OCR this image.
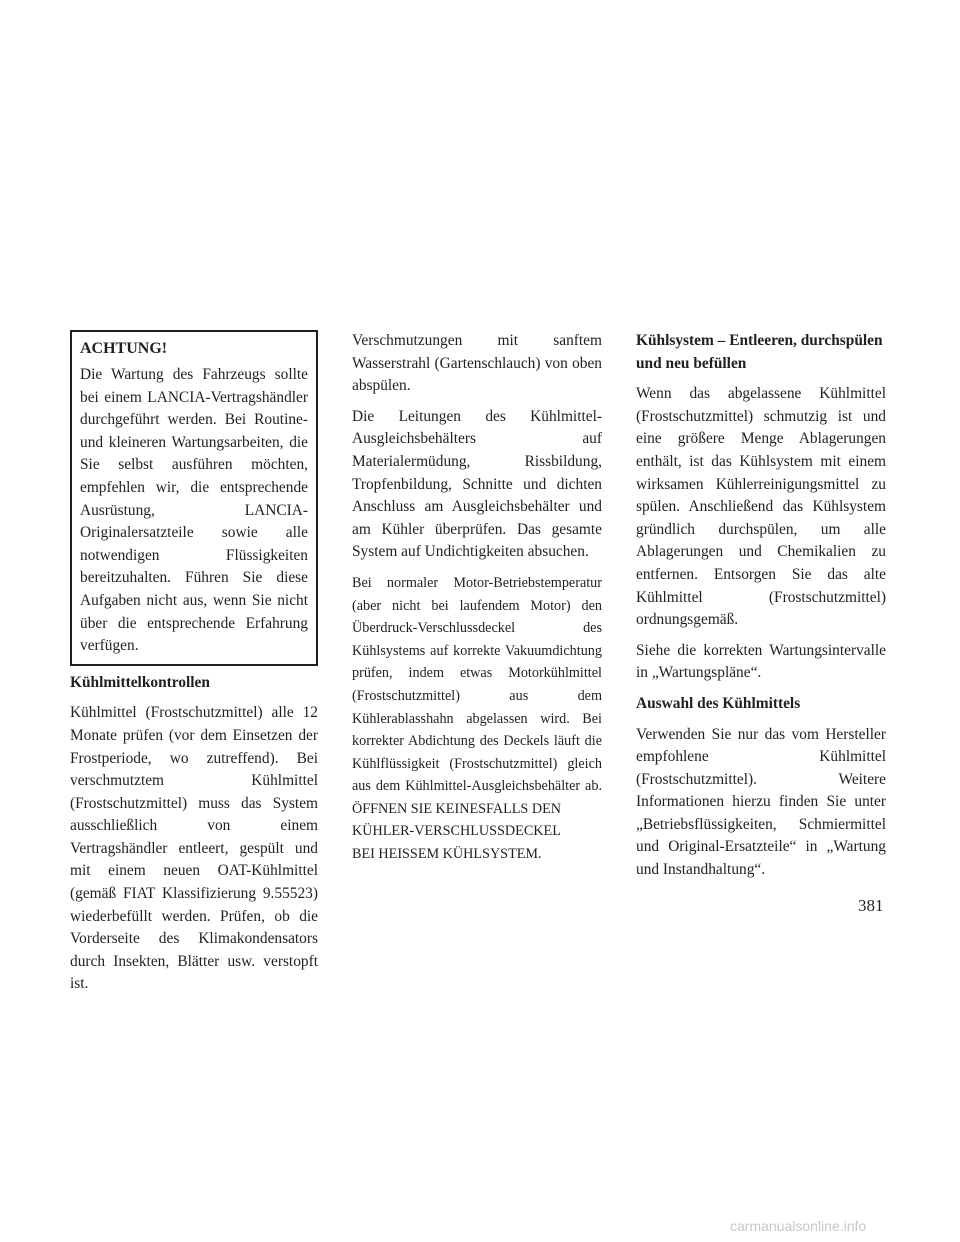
ACHTUNG!

Die Wartung des Fahrzeugs sollte bei einem LANCIA-Vertragshändler durchgeführt werden. Bei Routine- und kleineren Wartungsarbeiten, die Sie selbst ausführen möchten, empfehlen wir, die entsprechende Ausrüstung, LANCIA-Originalersatzteile sowie alle notwendigen Flüssigkeiten bereitzuhalten. Führen Sie diese Aufgaben nicht aus, wenn Sie nicht über die entsprechende Erfahrung verfügen.

Kühlmittelkontrollen

Kühlmittel (Frostschutzmittel) alle 12 Monate prüfen (vor dem Einsetzen der Frostperiode, wo zutreffend). Bei verschmutztem Kühlmittel (Frostschutzmittel) muss das System ausschließlich von einem Vertragshändler entleert, gespült und mit einem neuen OAT-Kühlmittel (gemäß FIAT Klassifizierung 9.55523) wiederbefüllt werden. Prüfen, ob die Vorderseite des Klimakondensators durch Insekten, Blätter usw. verstopft ist.

Verschmutzungen mit sanftem Wasserstrahl (Gartenschlauch) von oben abspülen.

Die Leitungen des Kühlmittel-Ausgleichsbehälters auf Materialermüdung, Rissbildung, Tropfenbildung, Schnitte und dichten Anschluss am Ausgleichsbehälter und am Kühler überprüfen. Das gesamte System auf Undichtigkeiten absuchen.

Bei normaler Motor-Betriebstemperatur (aber nicht bei laufendem Motor) den Überdruck-Verschlussdeckel des Kühlsystems auf korrekte Vakuumdichtung prüfen, indem etwas Motorkühlmittel (Frostschutzmittel) aus dem Kühlerablasshahn abgelassen wird. Bei korrekter Abdichtung des Deckels läuft die Kühlflüssigkeit (Frostschutzmittel) gleich aus dem Kühlmittel-Ausgleichsbehälter ab. ÖFFNEN SIE KEINESFALLS DEN
KÜHLER-VERSCHLUSSDECKEL
BEI HEISSEM KÜHLSYSTEM.

Kühlsystem – Entleeren, durchspülen und neu befüllen

Wenn das abgelassene Kühlmittel (Frostschutzmittel) schmutzig ist und eine größere Menge Ablagerungen enthält, ist das Kühlsystem mit einem wirksamen Kühlerreinigungsmittel zu spülen. Anschließend das Kühlsystem gründlich durchspülen, um alle Ablagerungen und Chemikalien zu entfernen. Entsorgen Sie das alte Kühlmittel (Frostschutzmittel) ordnungsgemäß.

Siehe die korrekten Wartungsintervalle in „Wartungspläne“.

Auswahl des Kühlmittels

Verwenden Sie nur das vom Hersteller empfohlene Kühlmittel (Frostschutzmittel). Weitere Informationen hierzu finden Sie unter „Betriebsflüssigkeiten, Schmiermittel und Original-Ersatzteile“ in „Wartung und Instandhaltung“.

381
carmanualsonline.info
